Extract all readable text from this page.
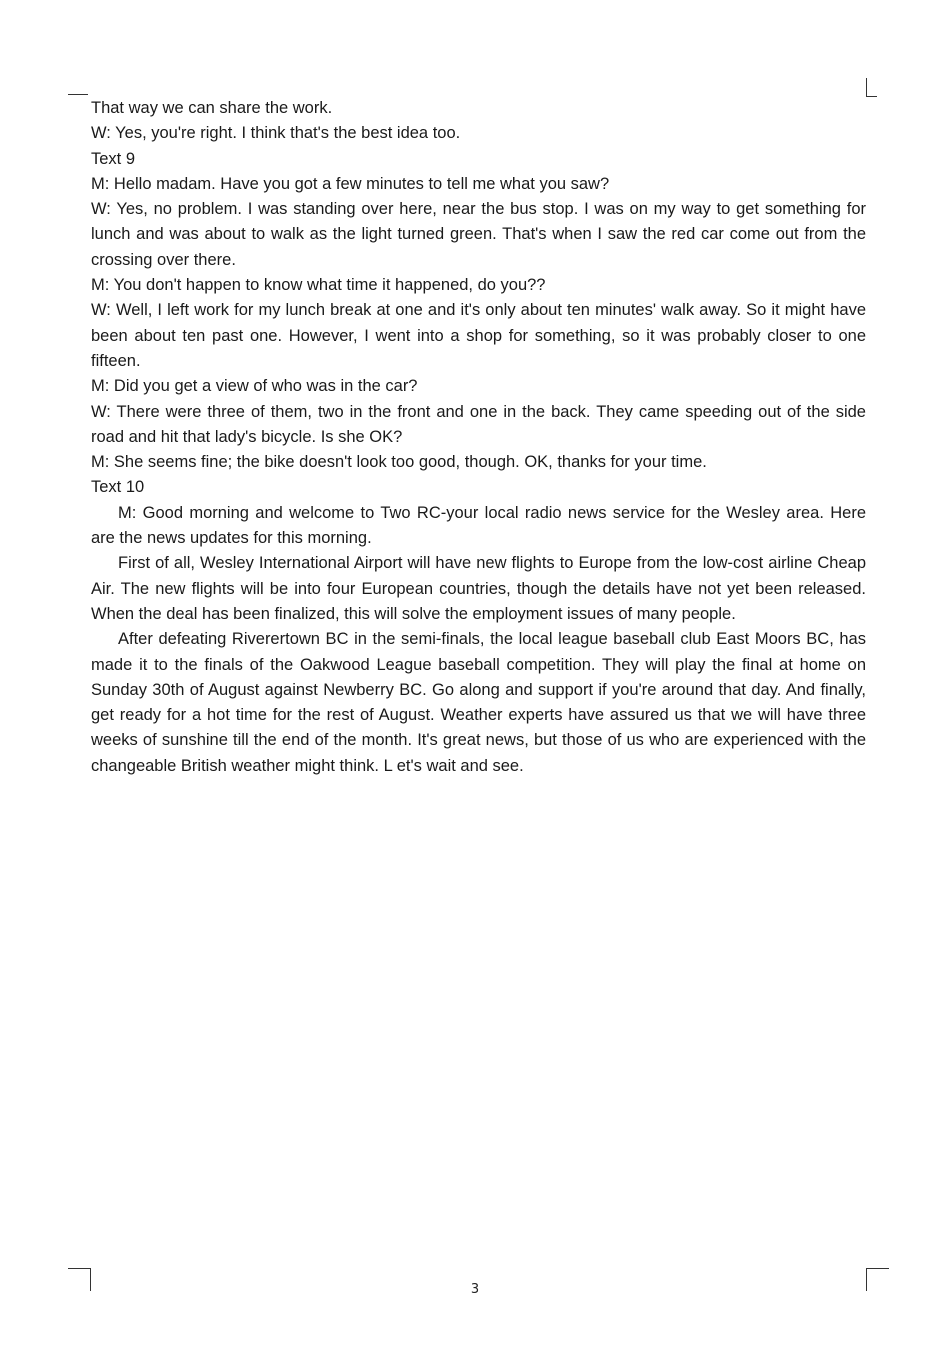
That way we can share the work.

W: Yes, you're right. I think that's the best idea too.

Text 9

M: Hello madam. Have you got a few minutes to tell me what you saw?

W: Yes, no problem. I was standing over here, near the bus stop. I was on my way to get something for lunch and was about to walk as the light turned green. That's when I saw the red car come out from the crossing over there.

M: You don't happen to know what time it happened, do you??

W: Well, I left work for my lunch break at one and it's only about ten minutes' walk away. So it might have been about ten past one. However, I went into a shop for something, so it was probably closer to one fifteen.

M: Did you get a view of who was in the car?

W: There were three of them, two in the front and one in the back. They came speeding out of the side road and hit that lady's bicycle. Is she OK?

M: She seems fine; the bike doesn't look too good, though. OK, thanks for your time.

Text 10

M: Good morning and welcome to Two RC-your local radio news service for the Wesley area. Here are the news updates for this morning.

First of all, Wesley International Airport will have new flights to Europe from the low-cost airline Cheap Air. The new flights will be into four European countries, though the details have not yet been released. When the deal has been finalized, this will solve the employment issues of many people.

After defeating Riverertown BC in the semi-finals, the local league baseball club East Moors BC, has made it to the finals of the Oakwood League baseball competition. They will play the final at home on Sunday 30th of August against Newberry BC. Go along and support if you're around that day. And finally, get ready for a hot time for the rest of August. Weather experts have assured us that we will have three weeks of sunshine till the end of the month. It's great news, but those of us who are experienced with the changeable British weather might think. L et's wait and see.

3
